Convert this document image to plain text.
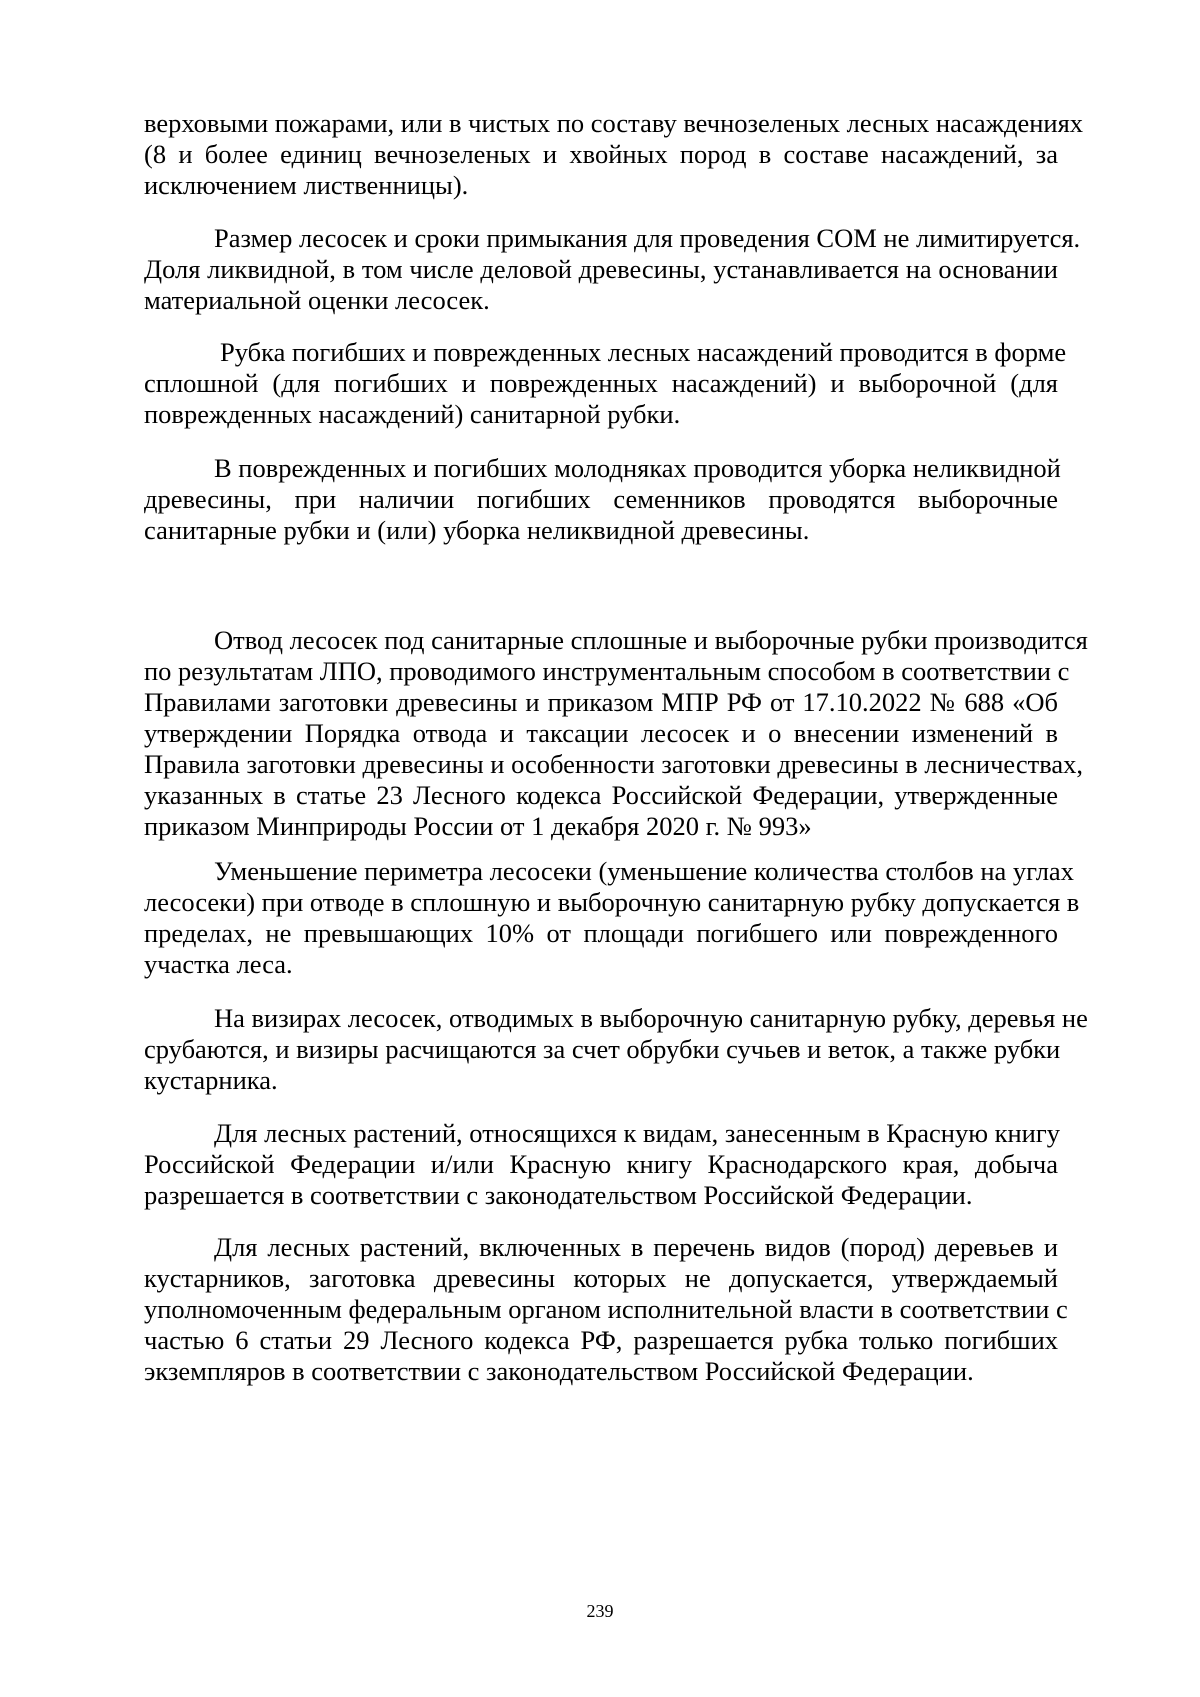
верховыми пожарами, или в чистых по составу вечнозеленых лесных насаждениях
(8 и более единиц вечнозеленых и хвойных пород в составе насаждений, за
исключением лиственницы).
Размер лесосек и сроки примыкания для проведения СОМ не лимитируется.
Доля ликвидной, в том числе деловой древесины, устанавливается на основании
материальной оценки лесосек.
Рубка погибших и поврежденных лесных насаждений проводится в форме
сплошной (для погибших и поврежденных насаждений) и выборочной (для
поврежденных насаждений) санитарной рубки.
В поврежденных и погибших молодняках проводится уборка неликвидной
древесины, при наличии погибших семенников проводятся выборочные
санитарные рубки и (или) уборка неликвидной древесины.
Отвод лесосек под санитарные сплошные и выборочные рубки производится
по результатам ЛПО, проводимого инструментальным способом в соответствии с
Правилами заготовки древесины и приказом МПР РФ от 17.10.2022 № 688 «Об
утверждении Порядка отвода и таксации лесосек и о внесении изменений в
Правила заготовки древесины и особенности заготовки древесины в лесничествах,
указанных в статье 23 Лесного кодекса Российской Федерации, утвержденные
приказом Минприроды России от 1 декабря 2020 г. № 993»
Уменьшение периметра лесосеки (уменьшение количества столбов на углах
лесосеки) при отводе в сплошную и выборочную санитарную рубку допускается в
пределах, не превышающих 10% от площади погибшего или поврежденного
участка леса.
На визирах лесосек, отводимых в выборочную санитарную рубку, деревья не
срубаются, и визиры расчищаются за счет обрубки сучьев и веток, а также рубки
кустарника.
Для лесных растений, относящихся к видам, занесенным в Красную книгу
Российской Федерации и/или Красную книгу Краснодарского края, добыча
разрешается в соответствии с законодательством Российской Федерации.
Для лесных растений, включенных в перечень видов (пород) деревьев и
кустарников, заготовка древесины которых не допускается, утверждаемый
уполномоченным федеральным органом исполнительной власти в соответствии с
частью 6 статьи 29 Лесного кодекса РФ, разрешается рубка только погибших
экземпляров в соответствии с законодательством Российской Федерации.
239
